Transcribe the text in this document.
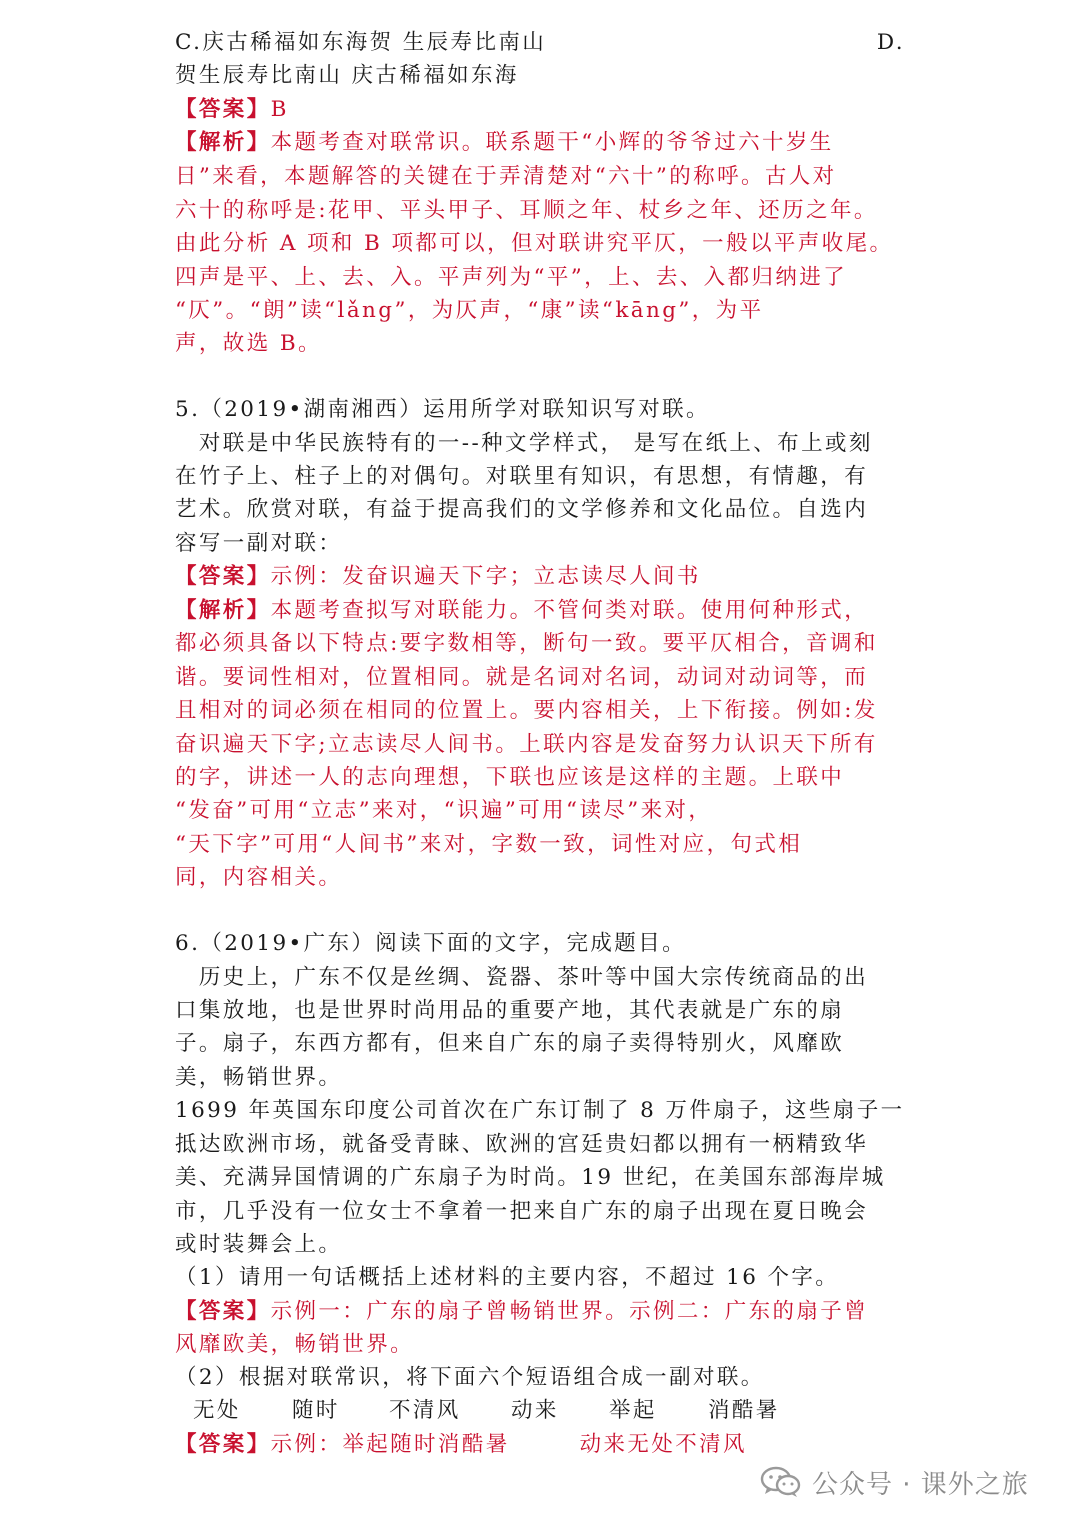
C.庆古稀福如东海贺 生辰寿比南山	D.
贺生辰寿比南山 庆古稀福如东海
【答案】B
【解析】本题考查对联常识。联系题干“小辉的爷爷过六十岁生
日”来看，本题解答的关键在于弄清楚对“六十”的称呼。古人对
六十的称呼是:花甲、平头甲子、耳顺之年、杖乡之年、还历之年。
由此分析 A 项和 B 项都可以，但对联讲究平仄，一般以平声收尾。
四声是平、上、去、入。平声列为“平”，上、去、入都归纳进了
“仄”。“朗”读“lǎng”，为仄声，“康”读“kāng”，为平
声，故选 B。
5.（2019•湖南湘西）运用所学对联知识写对联。
　对联是中华民族特有的一--种文学样式， 是写在纸上、布上或刻
在竹子上、柱子上的对偶句。对联里有知识，有思想，有情趣，有
艺术。欣赏对联，有益于提高我们的文学修养和文化品位。自选内
容写一副对联：
【答案】示例：发奋识遍天下字；立志读尽人间书
【解析】本题考查拟写对联能力。不管何类对联。使用何种形式，
都必须具备以下特点:要字数相等，断句一致。要平仄相合，音调和
谐。要词性相对，位置相同。就是名词对名词，动词对动词等，而
且相对的词必须在相同的位置上。要内容相关，上下衔接。例如:发
奋识遍天下字;立志读尽人间书。上联内容是发奋努力认识天下所有
的字，讲述一人的志向理想，下联也应该是这样的主题。上联中
“发奋”可用“立志”来对，“识遍”可用“读尽”来对，
“天下字”可用“人间书”来对，字数一致，词性对应，句式相
同，内容相关。
6.（2019•广东）阅读下面的文字，完成题目。
　历史上，广东不仅是丝绸、瓷器、茶叶等中国大宗传统商品的出
口集放地，也是世界时尚用品的重要产地，其代表就是广东的扇
子。扇子，东西方都有，但来自广东的扇子卖得特别火，风靡欧
美，畅销世界。
1699 年英国东印度公司首次在广东订制了 8 万件扇子，这些扇子一
抵达欧洲市场，就备受青睐、欧洲的宫廷贵妇都以拥有一柄精致华
美、充满异国情调的广东扇子为时尚。19 世纪，在美国东部海岸城
市，几乎没有一位女士不拿着一把来自广东的扇子出现在夏日晚会
或时装舞会上。
（1）请用一句话概括上述材料的主要内容，不超过 16 个字。
【答案】示例一：广东的扇子曾畅销世界。示例二：广东的扇子曾
风靡欧美，畅销世界。
（2）根据对联常识，将下面六个短语组合成一副对联。
无处 随时 不清风 动来 举起 消酷暑
【答案】示例：举起随时消酷暑	动来无处不清风
公众号 · 课外之旅
